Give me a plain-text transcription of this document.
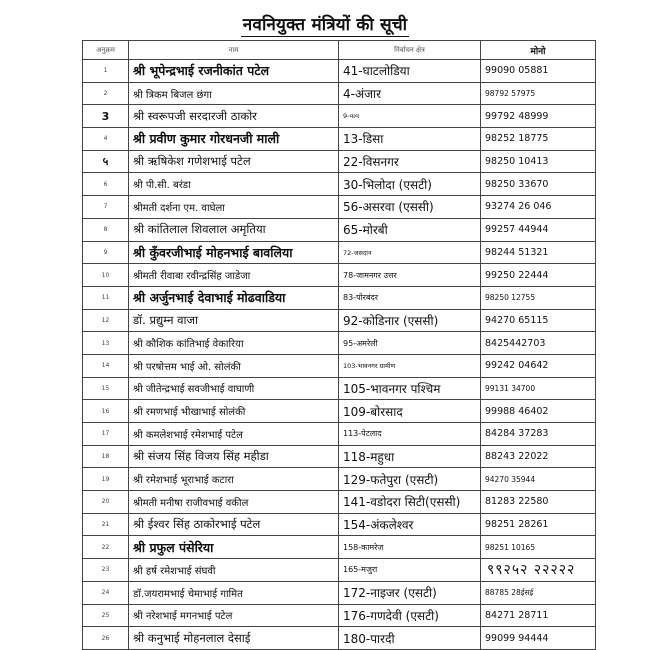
नवनियुक्त मंत्रियों की सूची
अनुक्रम	नाम	निर्वाचन क्षेत्र	मोनो
1	श्री भूपेन्द्रभाई रजनीकांत पटेल	41-घाटलोडिया	99090 05881
2	श्री त्रिकम बिजल छंगा	4-अंजार	98792 57975
3	श्री स्वरूपजी सरदारजी ठाकोर	9-વાવ	99792 48999
4	श्री प्रवीण कुमार गोरधनजी माली	13-डिसा	98252 18775
५	श्री ऋषिकेश गणेशभाई पटेल	22-विसनगर	98250 10413
6	श्री पी.सी. बरंडा	30-भिलोदा (एसटी)	98250 33670
7	श्रीमती दर्शना एम. वाघेला	56-असरवा (एससी)	93274 26 046
8	श्री कांतिलाल शिवलाल अमृतिया	65-मोरबी	99257 44944
9	श्री कुँवरजीभाई मोहनभाई बावलिया	72-जसदान	98244 51321
10	श्रीमती रीवाबा रवीन्द्रसिंह जाडेजा	78-जामनगर उत्तर	99250 22444
11	श्री अर्जुनभाई देवाभाई मोढवाडिया	83-पोरबंदर	98250 12755
12	डॉ. प्रद्युम्न वाजा	92-कोडिनार (एससी)	94270 65115
13	श्री कौशिक कांतिभाई वेकारिया	95-अमरेली	8425442703
14	श्री परषोत्तम भाई ओ. सोलंकी	103-भावनगर ग्रामीण	99242 04642
15	श्री जीतेन्द्रभाई सवजीभाई वाघाणी	105-भावनगर पश्चिम	99131 34700
16	श्री रमणभाई भीखाभाई सोलंकी	109-बोरसाद	99988 46402
17	श्री कमलेशभाई रमेशभाई पटेल	113-पेटलाद	84284 37283
18	श्री संजय सिंह विजय सिंह महीडा	118-महुधा	88243 22022
19	श्री रमेशभाई भूराभाई कटारा	129-फतेपुरा (एसटी)	94270 35944
20	श्रीमती मनीषा राजीवभाई वकील	141-वडोदरा सिटी(एससी)	81283 22580
21	श्री ईश्वर सिंह ठाकोरभाई पटेल	154-अंकलेश्वर	98251 28261
22	श्री प्रफुल पंसेरिया	158-कामरेज	98251 10165
23	श्री हर्ष रमेशभाई संघवी	165-मजुरा	९९२५२ २२२२२
24	डॉ.जयरामभाई चेमाभाई गामित	172-नाइजर (एसटी)	88785 28ईसई
25	श्री नरेशभाई मगनभाई पटेल	176-गणदेवी (एसटी)	84271 28711
26	श्री कनुभाई मोहनलाल देसाई	180-पारदी	99099 94444
